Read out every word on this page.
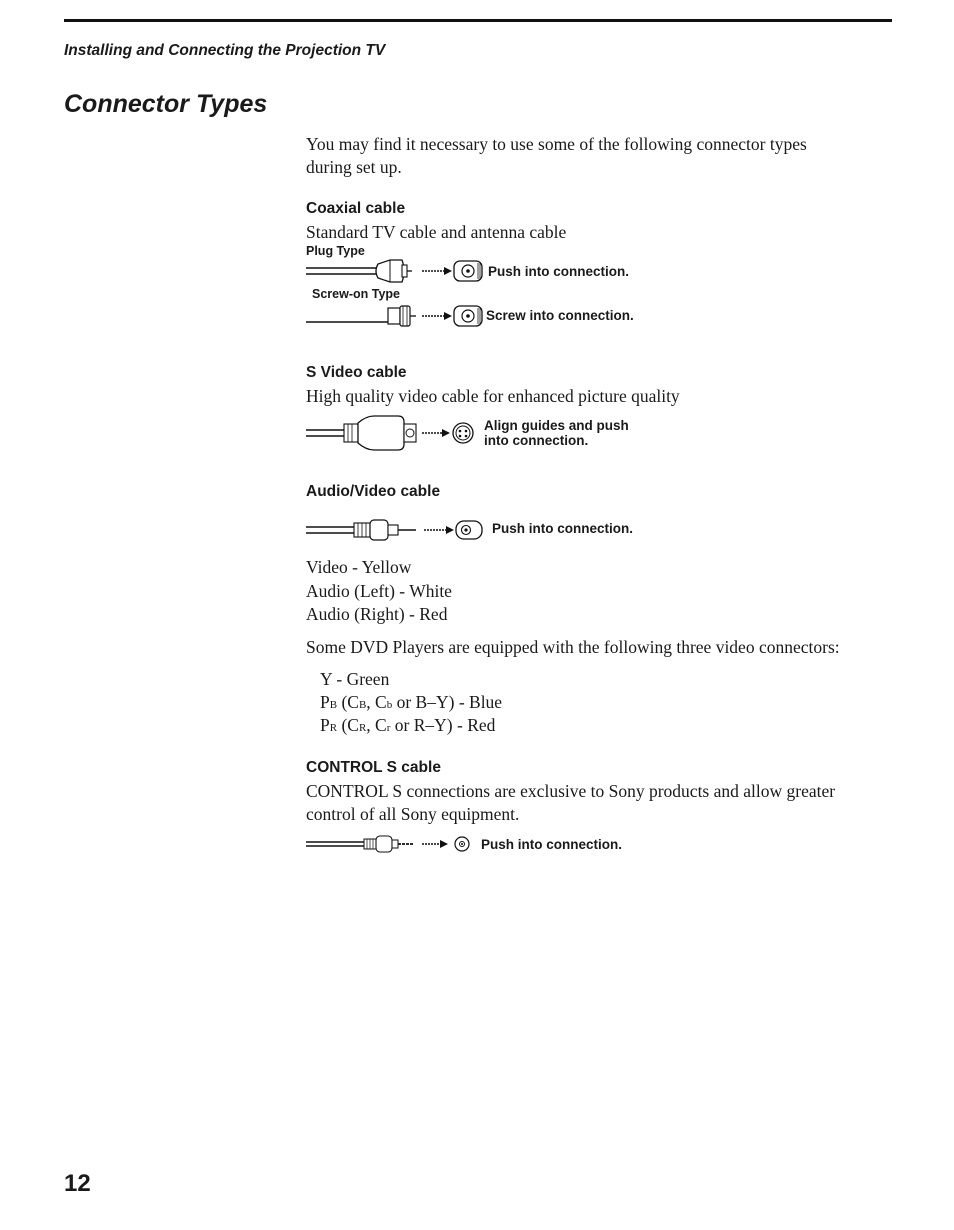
Installing and Connecting the Projection TV
Connector Types
You may find it necessary to use some of the following connector types
during set up.
Coaxial cable
Standard TV cable and antenna cable
Plug Type
Push into connection.
Screw-on Type
Screw into connection.
S Video cable
High quality video cable for enhanced picture quality
Align guides and push
into connection.
Audio/Video cable
Push into connection.
Video - Yellow
Audio (Left) - White
Audio (Right) - Red
Some DVD Players are equipped with the following three video connectors:
Y - Green
PB (CB, Cb or B–Y) - Blue
PR (CR, Cr or R–Y) - Red
CONTROL S cable
CONTROL S connections are exclusive to Sony products and allow greater
control of all Sony equipment.
Push into connection.
12
